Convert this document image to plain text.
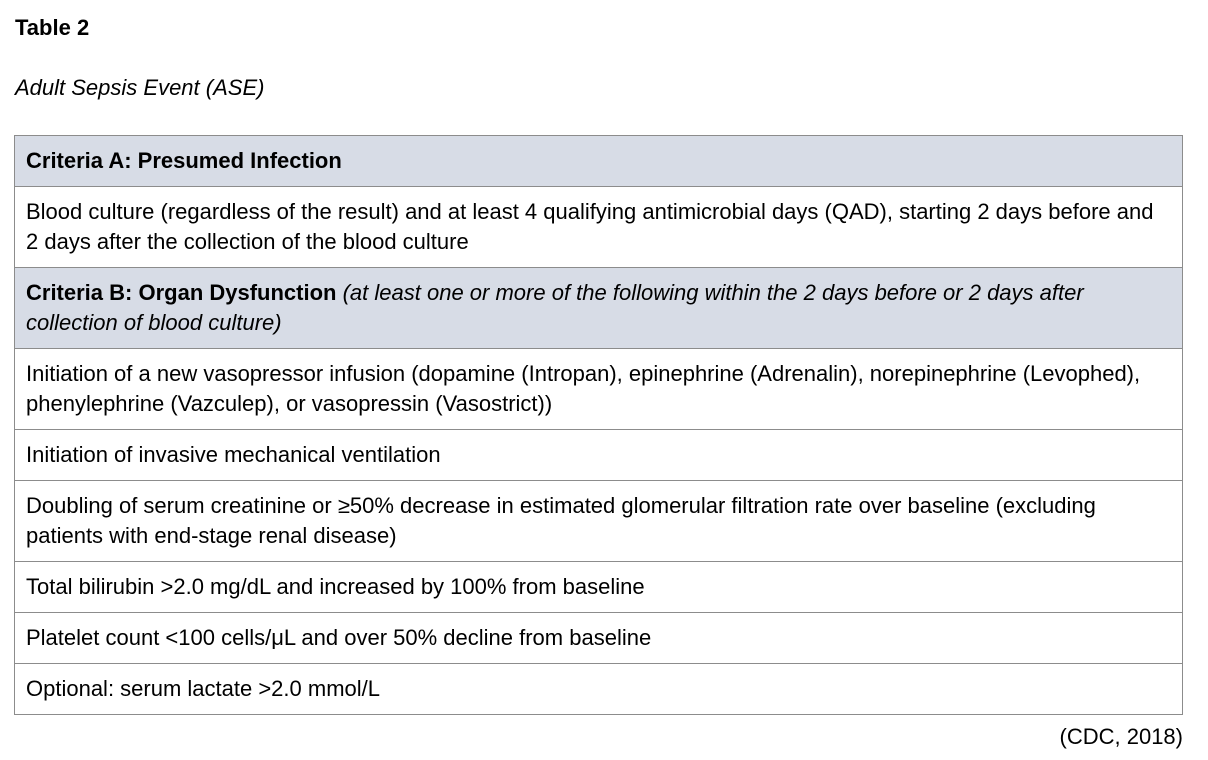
Table 2
Adult Sepsis Event (ASE)
Criteria A: Presumed Infection
Blood culture (regardless of the result) and at least 4 qualifying antimicrobial days (QAD), starting 2 days before and 2 days after the collection of the blood culture
Criteria B: Organ Dysfunction (at least one or more of the following within the 2 days before or 2 days after collection of blood culture)
Initiation of a new vasopressor infusion (dopamine (Intropan), epinephrine (Adrenalin), norepinephrine (Levophed), phenylephrine (Vazculep), or vasopressin (Vasostrict))
Initiation of invasive mechanical ventilation
Doubling of serum creatinine or ≥50% decrease in estimated glomerular filtration rate over baseline (excluding patients with end-stage renal disease)
Total bilirubin >2.0 mg/dL and increased by 100% from baseline
Platelet count <100 cells/μL and over 50% decline from baseline
Optional: serum lactate >2.0 mmol/L
(CDC, 2018)
